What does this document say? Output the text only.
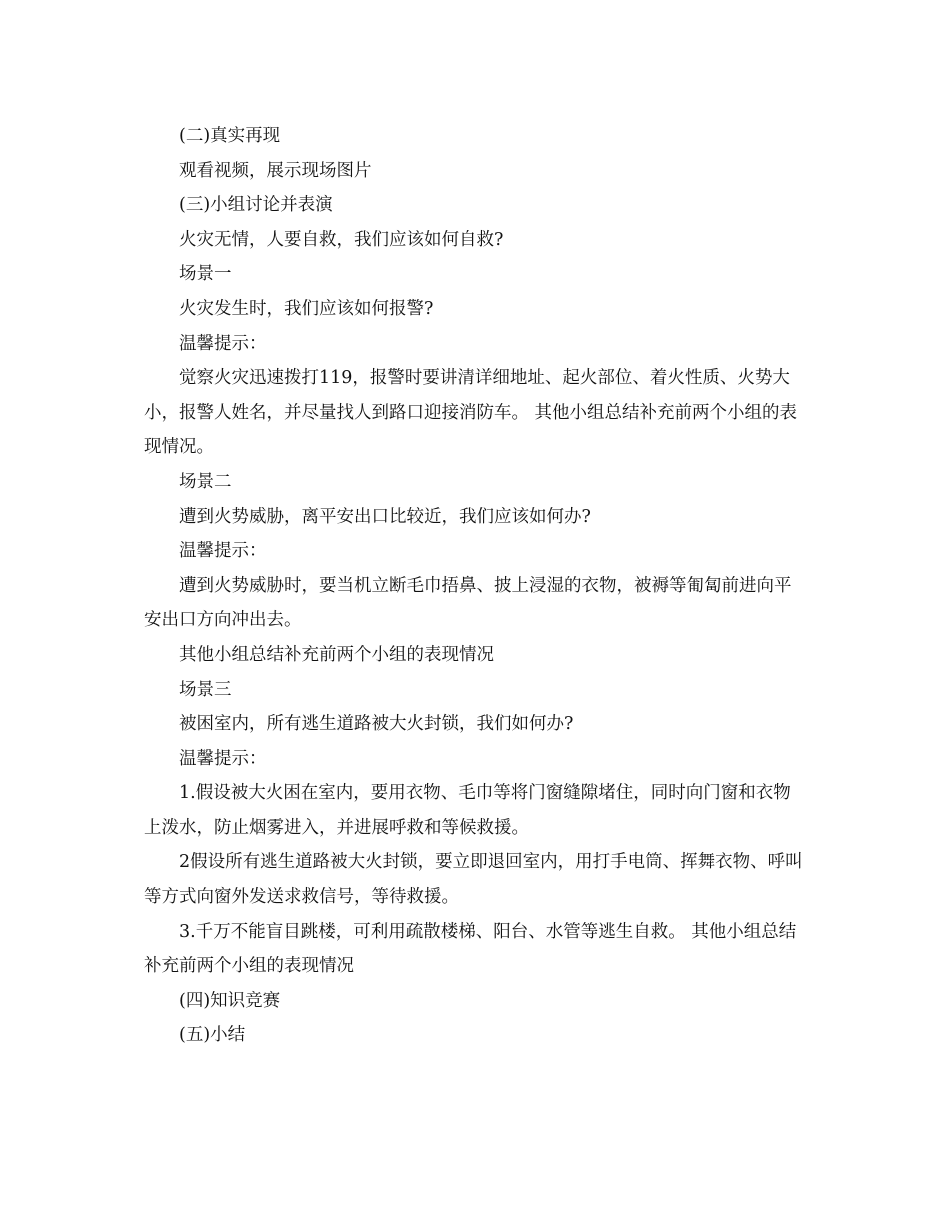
(二)真实再现

观看视频，展示现场图片

(三)小组讨论并表演

火灾无情，人要自救，我们应该如何自救?

场景一

火灾发生时，我们应该如何报警?

温馨提示：

觉察火灾迅速拨打119，报警时要讲清详细地址、起火部位、着火性质、火势大小，报警人姓名，并尽量找人到路口迎接消防车。 其他小组总结补充前两个小组的表现情况。

场景二

遭到火势威胁，离平安出口比较近，我们应该如何办?

温馨提示：

遭到火势威胁时，要当机立断毛巾捂鼻、披上浸湿的衣物，被褥等匍匐前进向平安出口方向冲出去。

其他小组总结补充前两个小组的表现情况

场景三

被困室内，所有逃生道路被大火封锁，我们如何办?

温馨提示：

1.假设被大火困在室内，要用衣物、毛巾等将门窗缝隙堵住，同时向门窗和衣物上泼水，防止烟雾进入，并进展呼救和等候救援。

2假设所有逃生道路被大火封锁，要立即退回室内，用打手电筒、挥舞衣物、呼叫等方式向窗外发送求救信号，等待救援。

3.千万不能盲目跳楼，可利用疏散楼梯、阳台、水管等逃生自救。 其他小组总结补充前两个小组的表现情况

(四)知识竞赛

(五)小结
